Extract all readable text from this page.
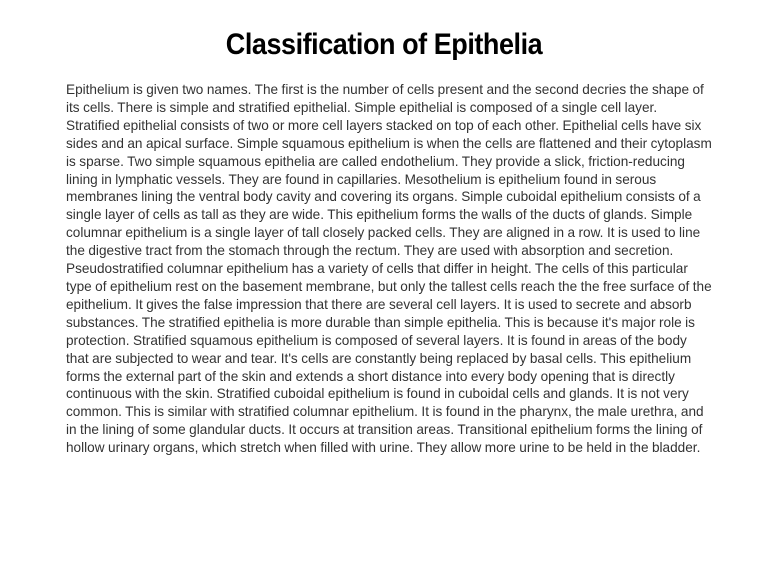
Classification of Epithelia

Epithelium is given two names. The first is the number of cells present and the second decries the shape of its cells. There is simple and stratified epithelial. Simple epithelial is composed of a single cell layer. Stratified epithelial consists of two or more cell layers stacked on top of each other. Epithelial cells have six sides and an apical surface. Simple squamous epithelium is when the cells are flattened and their cytoplasm is sparse. Two simple squamous epithelia are called endothelium. They provide a slick, friction-reducing lining in lymphatic vessels. They are found in capillaries. Mesothelium is epithelium found in serous membranes lining the ventral body cavity and covering its organs. Simple cuboidal epithelium consists of a single layer of cells as tall as they are wide. This epithelium forms the walls of the ducts of glands. Simple columnar epithelium is a single layer of tall closely packed cells. They are aligned in a row. It is used to line the digestive tract from the stomach through the rectum. They are used with absorption and secretion. Pseudostratified columnar epithelium has a variety of cells that differ in height. The cells of this particular type of epithelium rest on the basement membrane, but only the tallest cells reach the the free surface of the epithelium. It gives the false impression that there are several cell layers. It is used to secrete and absorb substances. The stratified epithelia is more durable than simple epithelia. This is because it's major role is protection. Stratified squamous epithelium is composed of several layers. It is found in areas of the body that are subjected to wear and tear. It's cells are constantly being replaced by basal cells. This epithelium forms the external part of the skin and extends a short distance into every body opening that is directly continuous with the skin. Stratified cuboidal epithelium is found in cuboidal cells and glands. It is not very common. This is similar with stratified columnar epithelium. It is found in the pharynx, the male urethra, and in the lining of some glandular ducts. It occurs at transition areas. Transitional epithelium forms the lining of hollow urinary organs, which stretch when filled with urine. They allow more urine to be held in the bladder.
